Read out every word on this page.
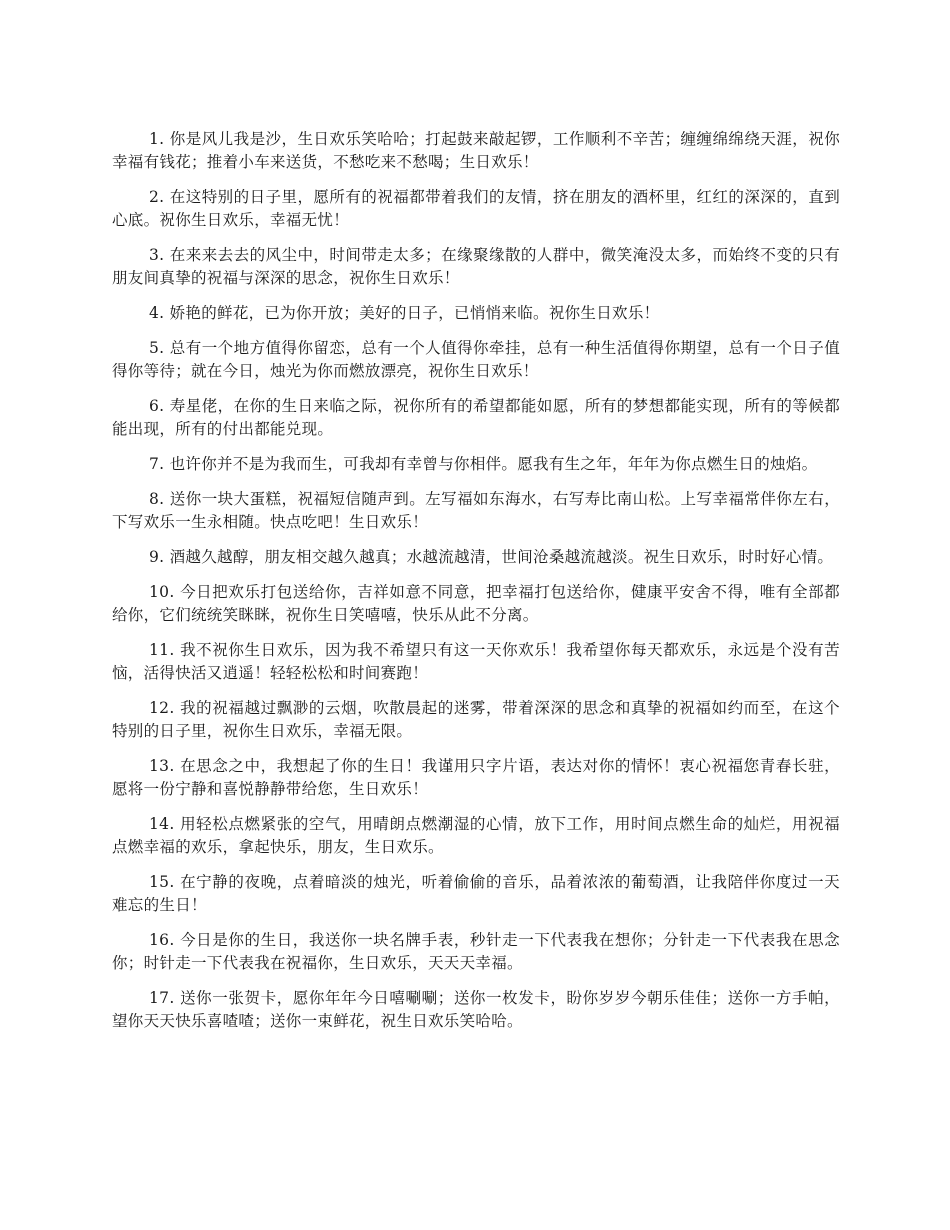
1. 你是风儿我是沙，生日欢乐笑哈哈；打起鼓来敲起锣，工作顺利不辛苦；缠缠绵绵绕天涯，祝你幸福有钱花；推着小车来送货，不愁吃来不愁喝；生日欢乐！

2. 在这特别的日子里，愿所有的祝福都带着我们的友情，挤在朋友的酒杯里，红红的深深的，直到心底。祝你生日欢乐，幸福无忧！

3. 在来来去去的风尘中，时间带走太多；在缘聚缘散的人群中，微笑淹没太多，而始终不变的只有朋友间真挚的祝福与深深的思念，祝你生日欢乐！

4. 娇艳的鲜花，已为你开放；美好的日子，已悄悄来临。祝你生日欢乐！

5. 总有一个地方值得你留恋，总有一个人值得你牵挂，总有一种生活值得你期望，总有一个日子值得你等待；就在今日，烛光为你而燃放漂亮，祝你生日欢乐！

6. 寿星佬，在你的生日来临之际，祝你所有的希望都能如愿，所有的梦想都能实现，所有的等候都能出现，所有的付出都能兑现。

7. 也许你并不是为我而生，可我却有幸曾与你相伴。愿我有生之年，年年为你点燃生日的烛焰。

8. 送你一块大蛋糕，祝福短信随声到。左写福如东海水，右写寿比南山松。上写幸福常伴你左右，下写欢乐一生永相随。快点吃吧！生日欢乐！

9. 酒越久越醇，朋友相交越久越真；水越流越清，世间沧桑越流越淡。祝生日欢乐，时时好心情。

10. 今日把欢乐打包送给你，吉祥如意不同意，把幸福打包送给你，健康平安舍不得，唯有全部都给你，它们统统笑眯眯，祝你生日笑嘻嘻，快乐从此不分离。

11. 我不祝你生日欢乐，因为我不希望只有这一天你欢乐！我希望你每天都欢乐，永远是个没有苦恼，活得快活又逍遥！轻轻松松和时间赛跑！

12. 我的祝福越过飘渺的云烟，吹散晨起的迷雾，带着深深的思念和真挚的祝福如约而至，在这个特别的日子里，祝你生日欢乐，幸福无限。

13. 在思念之中，我想起了你的生日！我谨用只字片语，表达对你的情怀！衷心祝福您青春长驻，愿将一份宁静和喜悦静静带给您，生日欢乐！

14. 用轻松点燃紧张的空气，用晴朗点燃潮湿的心情，放下工作，用时间点燃生命的灿烂，用祝福点燃幸福的欢乐，拿起快乐，朋友，生日欢乐。

15. 在宁静的夜晚，点着暗淡的烛光，听着偷偷的音乐，品着浓浓的葡萄酒，让我陪伴你度过一天难忘的生日！

16. 今日是你的生日，我送你一块名牌手表，秒针走一下代表我在想你；分针走一下代表我在思念你；时针走一下代表我在祝福你，生日欢乐，天天天幸福。

17. 送你一张贺卡，愿你年年今日嘻唰唰；送你一枚发卡，盼你岁岁今朝乐佳佳；送你一方手帕，望你天天快乐喜喳喳；送你一束鲜花，祝生日欢乐笑哈哈。
